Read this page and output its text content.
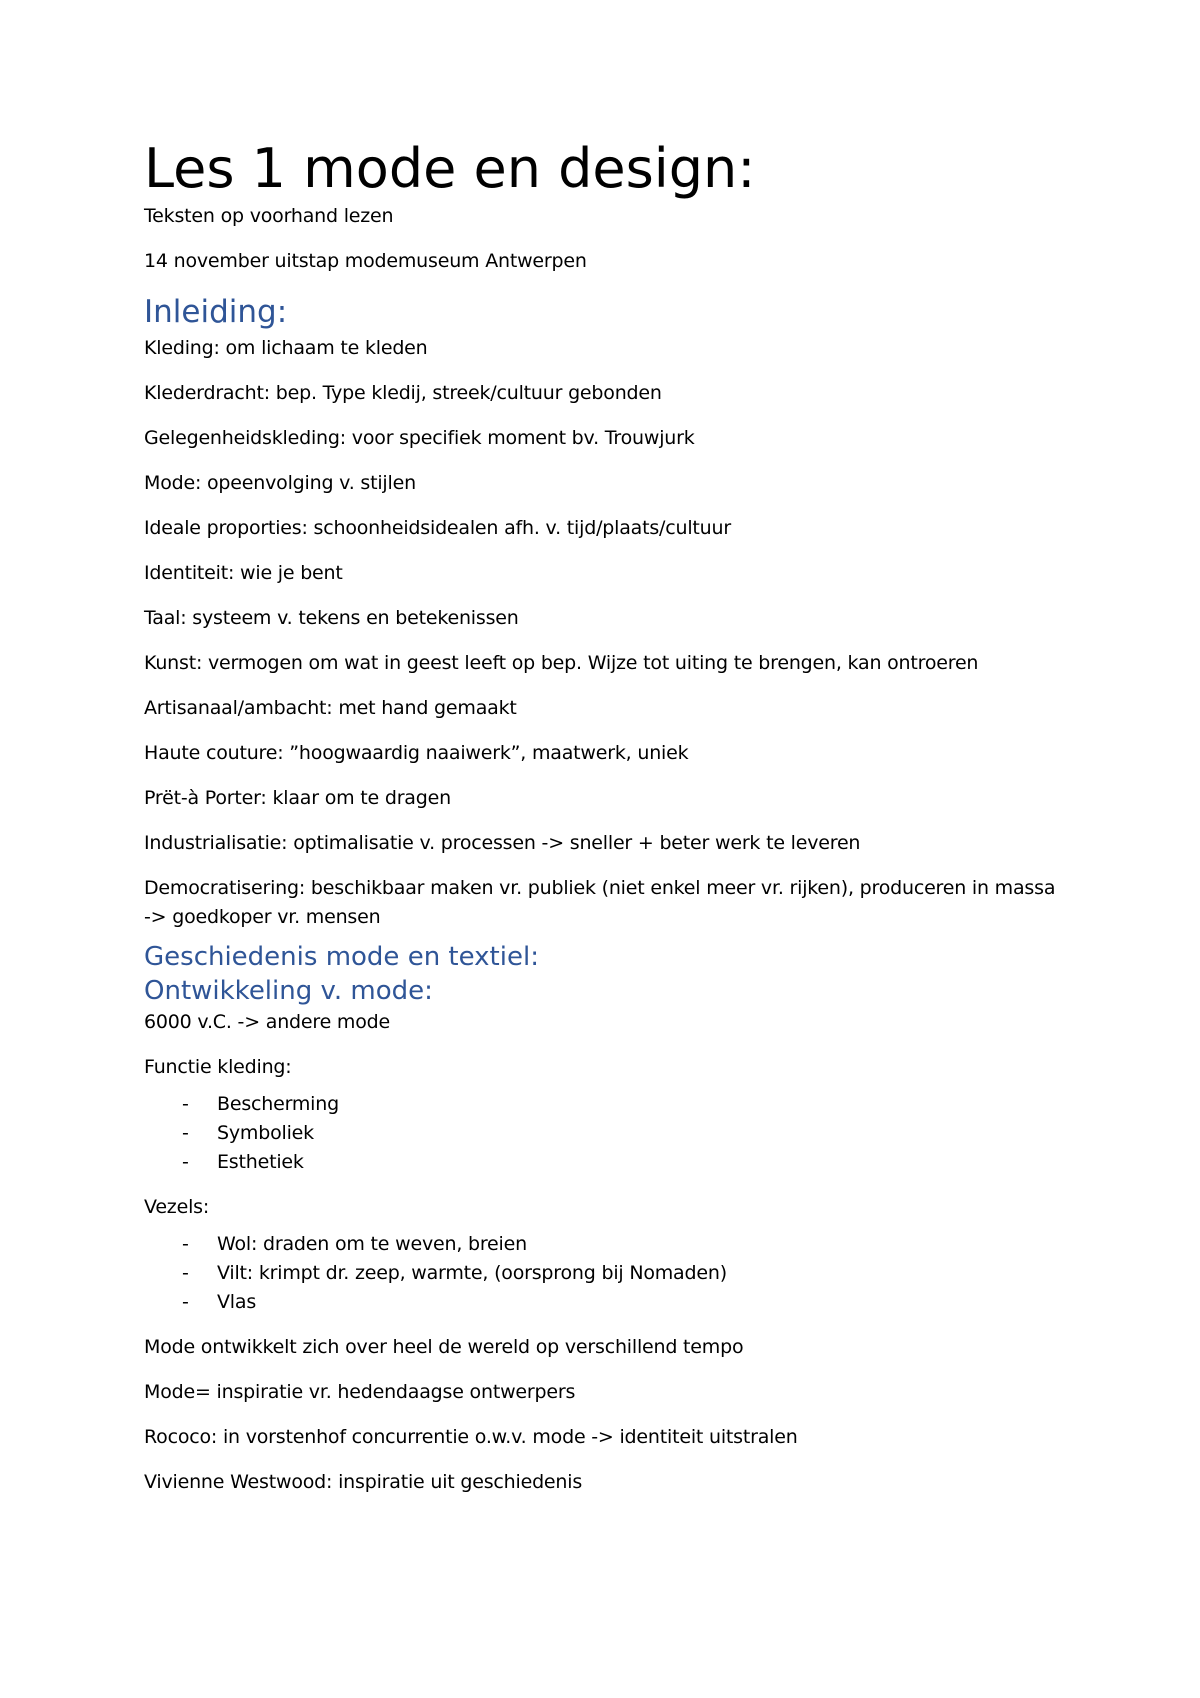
Les 1 mode en design:

Teksten op voorhand lezen

14 november uitstap modemuseum Antwerpen

Inleiding:

Kleding: om lichaam te kleden

Klederdracht: bep. Type kledij, streek/cultuur gebonden

Gelegenheidskleding: voor specifiek moment bv. Trouwjurk

Mode: opeenvolging v. stijlen

Ideale proporties: schoonheidsidealen afh. v. tijd/plaats/cultuur

Identiteit: wie je bent

Taal: systeem v. tekens en betekenissen

Kunst: vermogen om wat in geest leeft op bep. Wijze tot uiting te brengen, kan ontroeren

Artisanaal/ambacht: met hand gemaakt

Haute couture: ”hoogwaardig naaiwerk”, maatwerk, uniek

Prët-à Porter: klaar om te dragen

Industrialisatie: optimalisatie v. processen -> sneller + beter werk te leveren

Democratisering: beschikbaar maken vr. publiek (niet enkel meer vr. rijken), produceren in massa -> goedkoper vr. mensen

Geschiedenis mode en textiel:
Ontwikkeling v. mode:

6000 v.C. -> andere mode

Functie kleding:

- Bescherming
- Symboliek
- Esthetiek

Vezels:

- Wol: draden om te weven, breien
- Vilt: krimpt dr. zeep, warmte, (oorsprong bij Nomaden)
- Vlas

Mode ontwikkelt zich over heel de wereld op verschillend tempo

Mode= inspiratie vr. hedendaagse ontwerpers

Rococo: in vorstenhof concurrentie o.w.v. mode -> identiteit uitstralen

Vivienne Westwood: inspiratie uit geschiedenis
